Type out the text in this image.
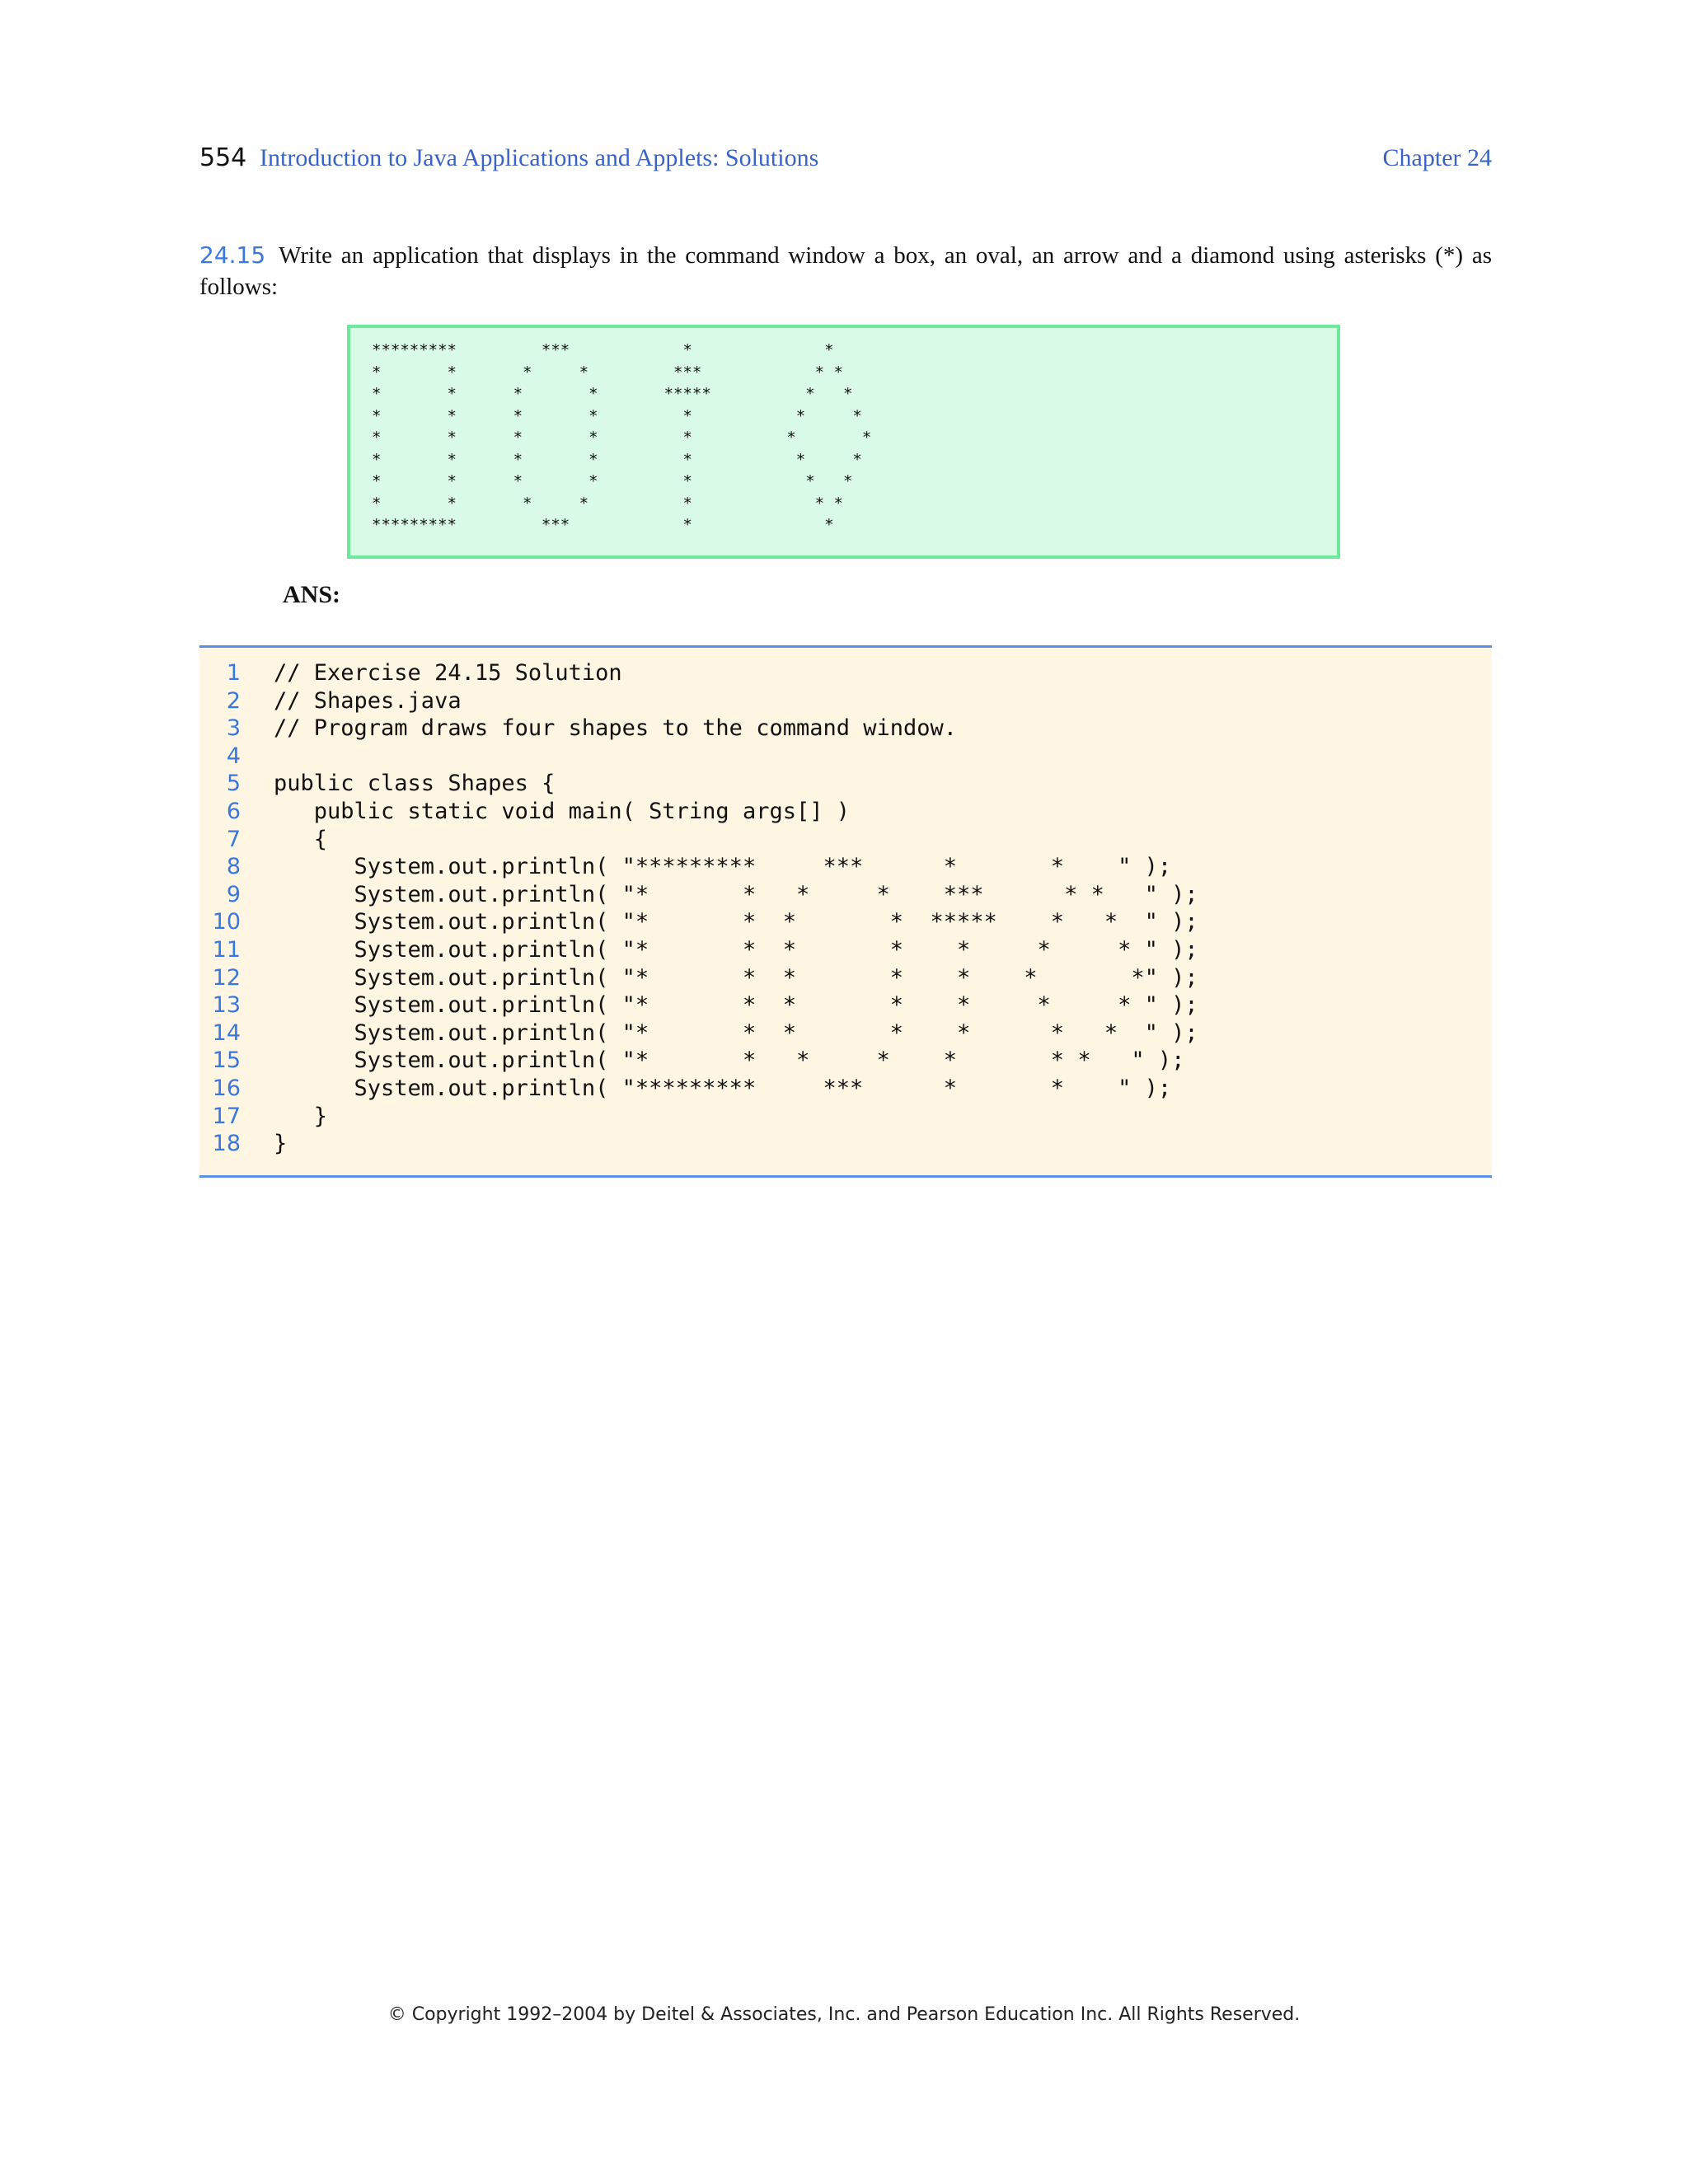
554 Introduction to Java Applications and Applets: Solutions	Chapter 24
24.15 Write an application that displays in the command window a box, an oval, an arrow and a diamond using asterisks (*) as follows:
*********         ***            *              *
*       *       *     *         ***            * *
*       *      *       *       *****          *   *
*       *      *       *         *           *     *
*       *      *       *         *          *       *
*       *      *       *         *           *     *
*       *      *       *         *            *   *
*       *       *     *          *             * *
*********         ***            *              *
ANS:
1
2
3
4
5
6
7
8
9
10
11
12
13
14
15
16
17
18
// Exercise 24.15 Solution
// Shapes.java
// Program draws four shapes to the command window.

public class Shapes {
public static void main( String args[] )
{
System.out.println( "*********     ***      *       *    " );
System.out.println( "*       *   *     *    ***      * *   " );
System.out.println( "*       *  *       *  *****    *   *  " );
System.out.println( "*       *  *       *    *     *     * " );
System.out.println( "*       *  *       *    *    *       *" );
System.out.println( "*       *  *       *    *     *     * " );
System.out.println( "*       *  *       *    *      *   *  " );
System.out.println( "*       *   *     *    *       * *   " );
System.out.println( "*********     ***      *       *    " );
}
}
© Copyright 1992–2004 by Deitel & Associates, Inc. and Pearson Education Inc. All Rights Reserved.
